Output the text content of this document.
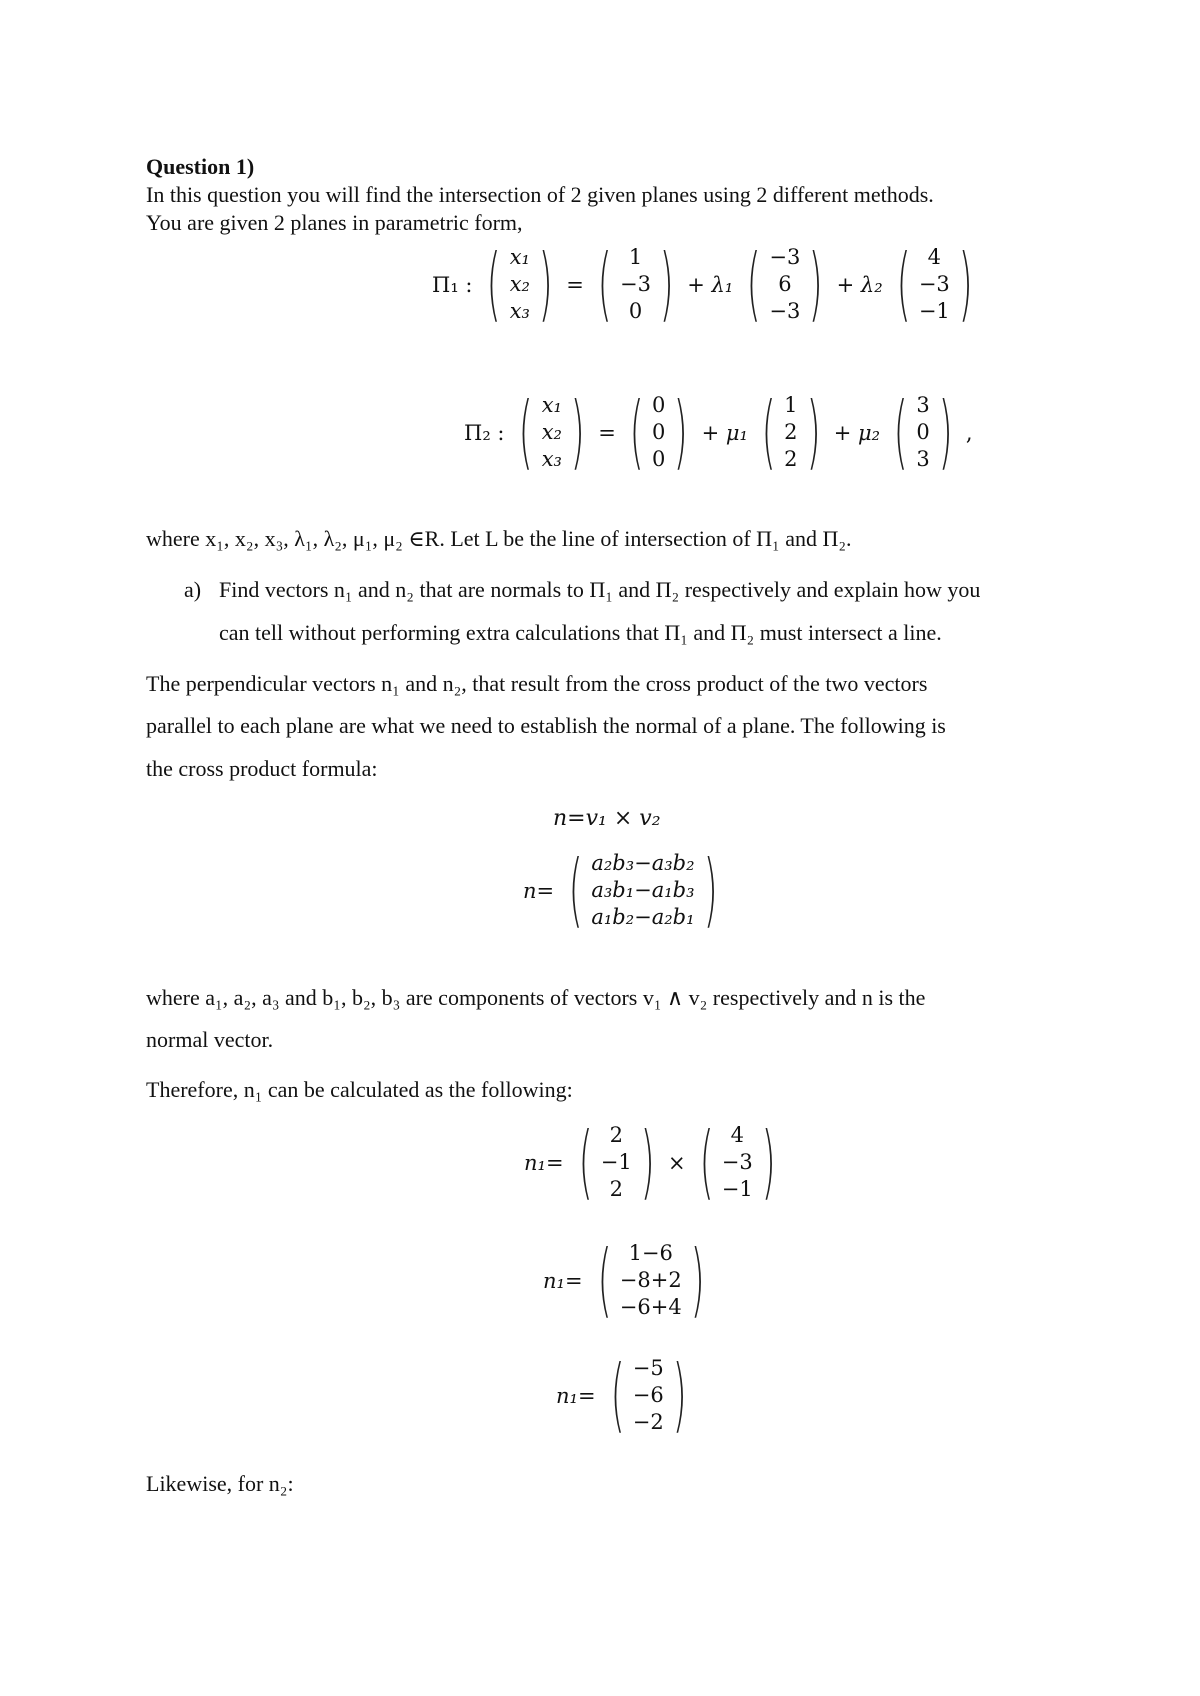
Question 1)
In this question you will find the intersection of 2 given planes using 2 different methods.
You are given 2 planes in parametric form,
Π₁ : ( x₁
x₂
x₃ ) = ( 1
−3
0 ) + λ₁ ( −3
6
−3 ) + λ₂ ( 4
−3
−1 )
Π₂ : ( x₁
x₂
x₃ ) = ( 0
0
0 ) + μ₁ ( 1
2
2 ) + μ₂ ( 3
0
3 ) ,
where x₁, x₂, x₃, λ₁, λ₂, μ₁, μ₂ ∈R. Let L be the line of intersection of Π₁ and Π₂.
a) Find vectors n₁ and n₂ that are normals to Π₁ and Π₂ respectively and explain how you
can tell without performing extra calculations that Π₁ and Π₂ must intersect a line.
The perpendicular vectors n₁ and n₂, that result from the cross product of the two vectors
parallel to each plane are what we need to establish the normal of a plane. The following is
the cross product formula:
n=v₁ × v₂
n= ( a₂b₃−a₃b₂
a₃b₁−a₁b₃
a₁b₂−a₂b₁ )
where a₁, a₂, a₃ and b₁, b₂, b₃ are components of vectors v₁ ∧ v₂ respectively and n is the
normal vector.
Therefore, n₁ can be calculated as the following:
n₁= ( 2
−1
2 ) × ( 4
−3
−1 )
n₁= ( 1−6
−8+2
−6+4 )
n₁= ( −5
−6
−2 )
Likewise, for n₂:
